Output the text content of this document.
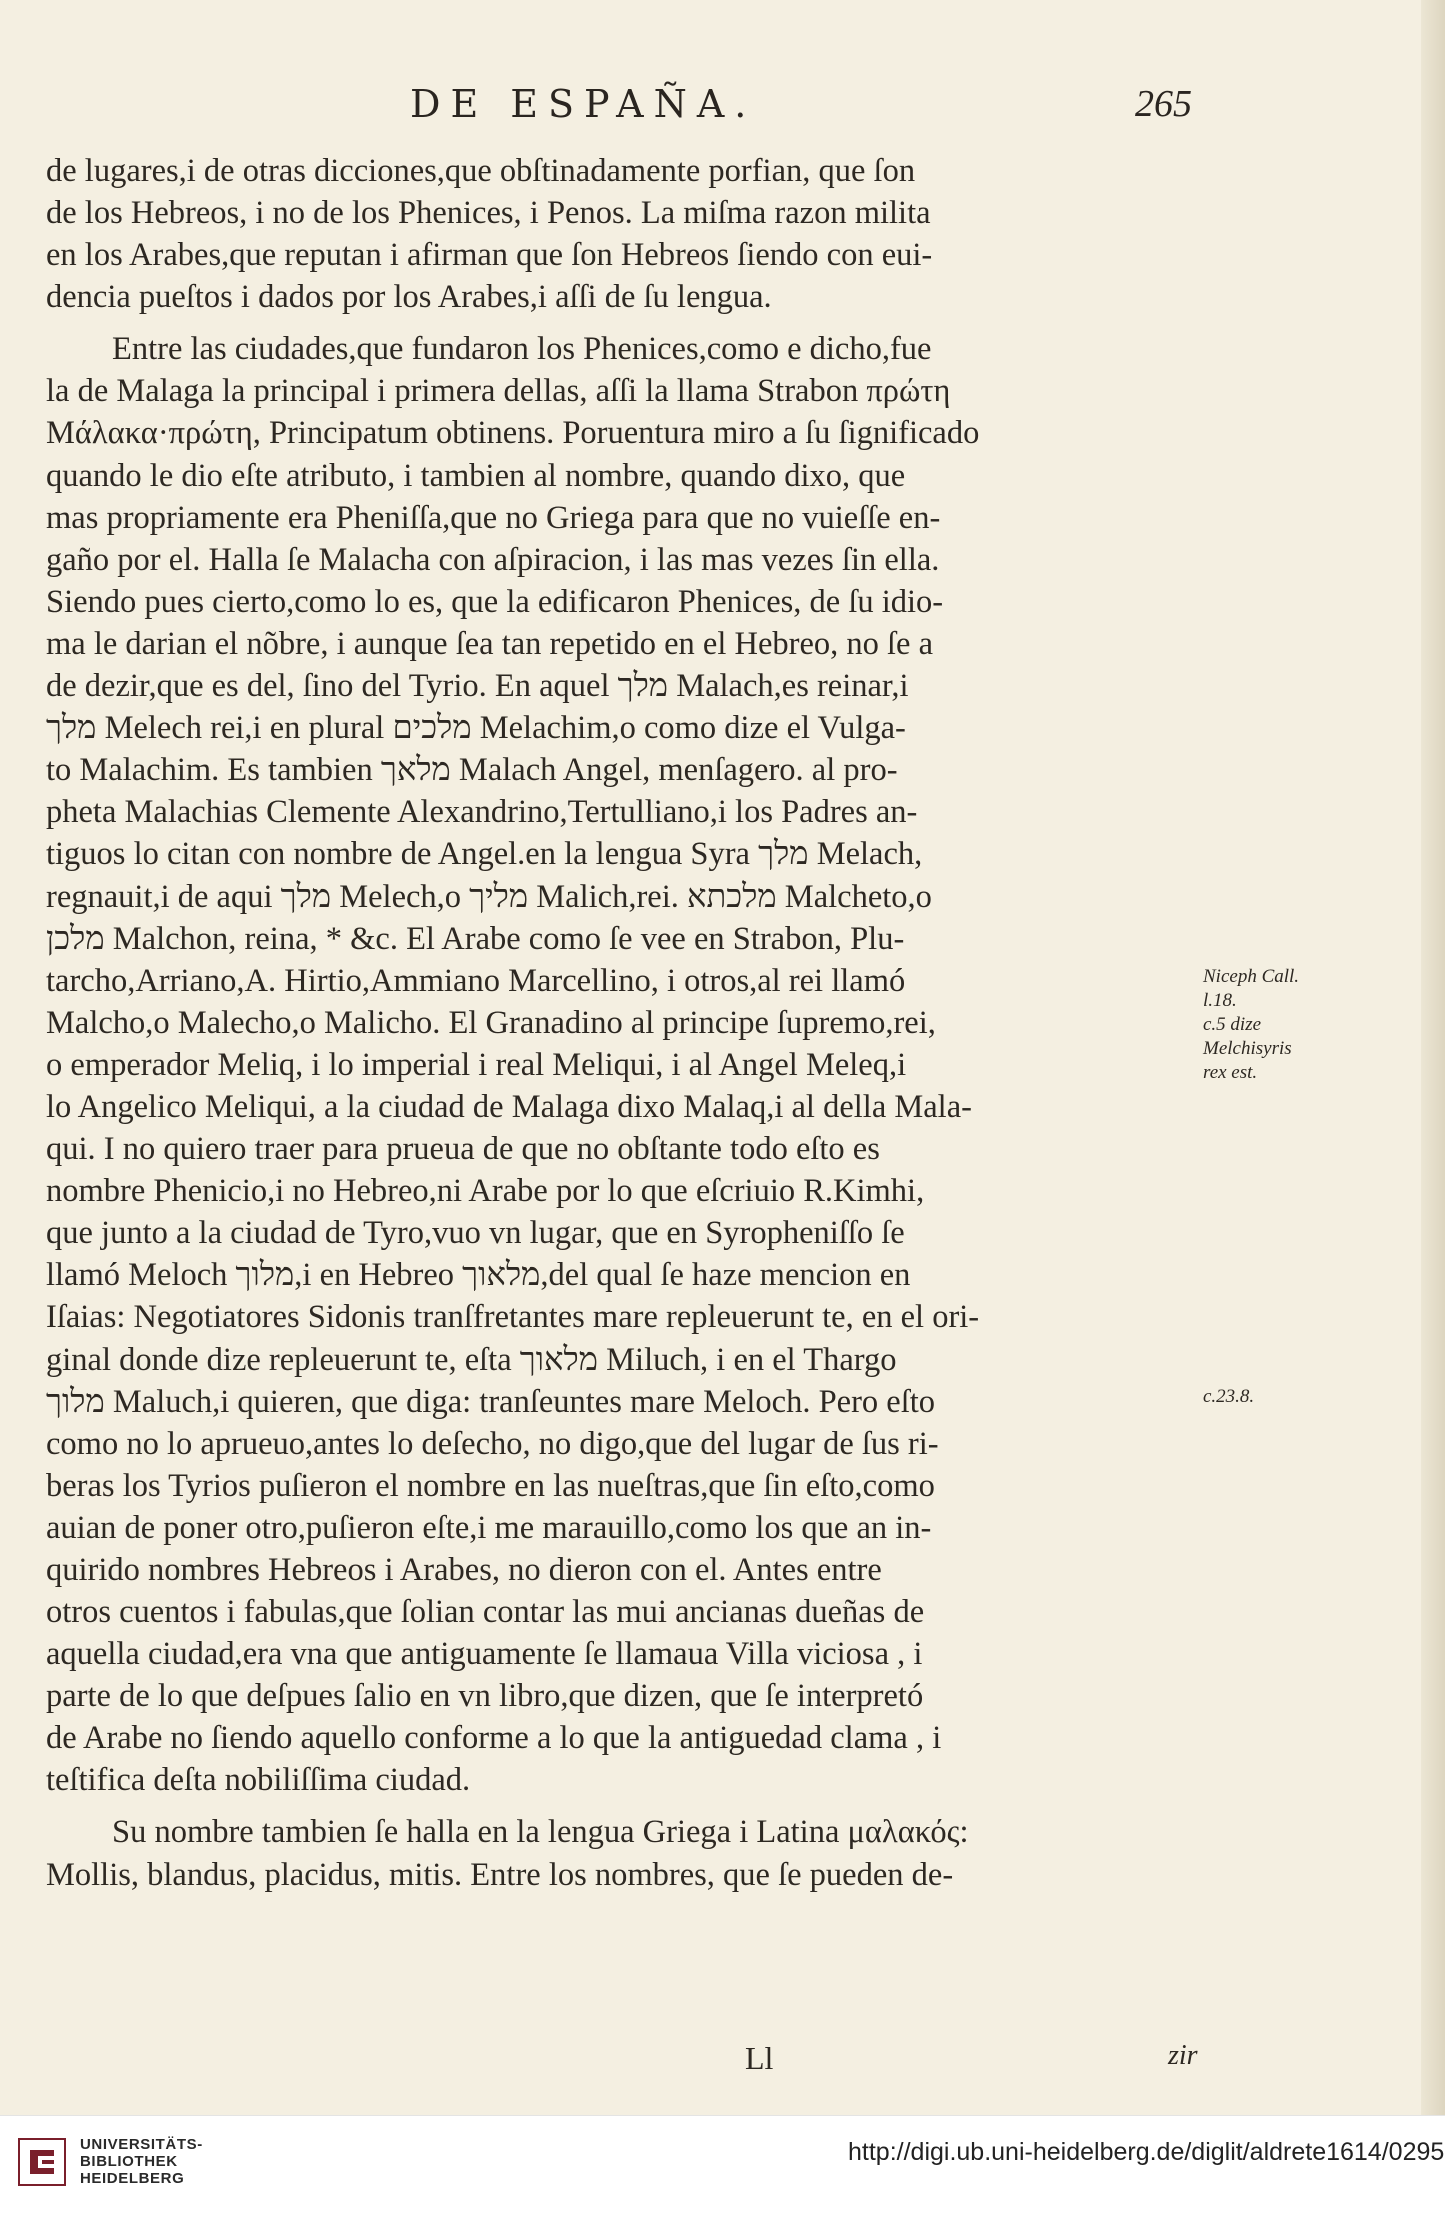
DE ESPAÑA.	265
de lugares,i de otras dicciones,que obſtinadamente porfian, que ſon
de los Hebreos, i no de los Phenices, i Penos. La miſma razon milita
en los Arabes,que reputan i afirman que ſon Hebreos ſiendo con eui-
dencia pueſtos i dados por los Arabes,i aſſi de ſu lengua.
Entre las ciudades,que fundaron los Phenices,como e dicho,fue
la de Malaga la principal i primera dellas, aſſi la llama Strabon πρώτη
Μάλακα·πρώτη, Principatum obtinens. Poruentura miro a ſu ſignificado
quando le dio eſte atributo, i tambien al nombre, quando dixo, que
mas propriamente era Pheniſſa,que no Griega para que no vuieſſe en-
gaño por el. Halla ſe Malacha con aſpiracion, i las mas vezes ſin ella.
Siendo pues cierto,como lo es, que la edificaron Phenices, de ſu idio-
ma le darian el nõbre, i aunque ſea tan repetido en el Hebreo, no ſe a
de dezir,que es del, ſino del Tyrio. En aquel מלך Malach,es reinar,i
מלך Melech rei,i en plural מלכים Melachim,o como dize el Vulga-
to Malachim. Es tambien מלאך Malach Angel, menſagero. al pro-
pheta Malachias Clemente Alexandrino,Tertulliano,i los Padres an-
tiguos lo citan con nombre de Angel.en la lengua Syra מלך Melach,
regnauit,i de aqui מלך Melech,o מליך Malich,rei. מלכתא Malcheto,o
מלכן Malchon, reina, * &c. El Arabe como ſe vee en Strabon, Plu-
tarcho,Arriano,A. Hirtio,Ammiano Marcellino, i otros,al rei llamó
Malcho,o Malecho,o Malicho. El Granadino al principe ſupremo,rei,
o emperador Meliq, i lo imperial i real Meliqui, i al Angel Meleq,i
lo Angelico Meliqui, a la ciudad de Malaga dixo Malaq,i al della Mala-
qui. I no quiero traer para prueua de que no obſtante todo eſto es
nombre Phenicio,i no Hebreo,ni Arabe por lo que eſcriuio R.Kimhi,
que junto a la ciudad de Tyro,vuo vn lugar, que en Syropheniſſo ſe
llamó Meloch מלוך,i en Hebreo מלאוך,del qual ſe haze mencion en
Iſaias: Negotiatores Sidonis tranſfretantes mare repleuerunt te, en el ori-
ginal donde dize repleuerunt te, eſta מלאוך Miluch, i en el Thargo
מלוך Maluch,i quieren, que diga: tranſeuntes mare Meloch. Pero eſto
como no lo aprueuo,antes lo deſecho, no digo,que del lugar de ſus ri-
beras los Tyrios puſieron el nombre en las nueſtras,que ſin eſto,como
auian de poner otro,puſieron eſte,i me marauillo,como los que an in-
quirido nombres Hebreos i Arabes, no dieron con el. Antes entre
otros cuentos i fabulas,que ſolian contar las mui ancianas dueñas de
aquella ciudad,era vna que antiguamente ſe llamaua Villa viciosa , i
parte de lo que deſpues ſalio en vn libro,que dizen, que ſe interpretó
de Arabe no ſiendo aquello conforme a lo que la antiguedad clama , i
teſtifica deſta nobiliſſima ciudad.
Su nombre tambien ſe halla en la lengua Griega i Latina μαλακός:
Mollis, blandus, placidus, mitis. Entre los nombres, que ſe pueden de-
Niceph Call.
l.18.
c.5 dize
Melchisyris
rex est.
c.23.8.
Ll	zir
UNIVERSITÄTS-
BIBLIOTHEK
HEIDELBERG
http://digi.ub.uni-heidelberg.de/diglit/aldrete1614/0295
